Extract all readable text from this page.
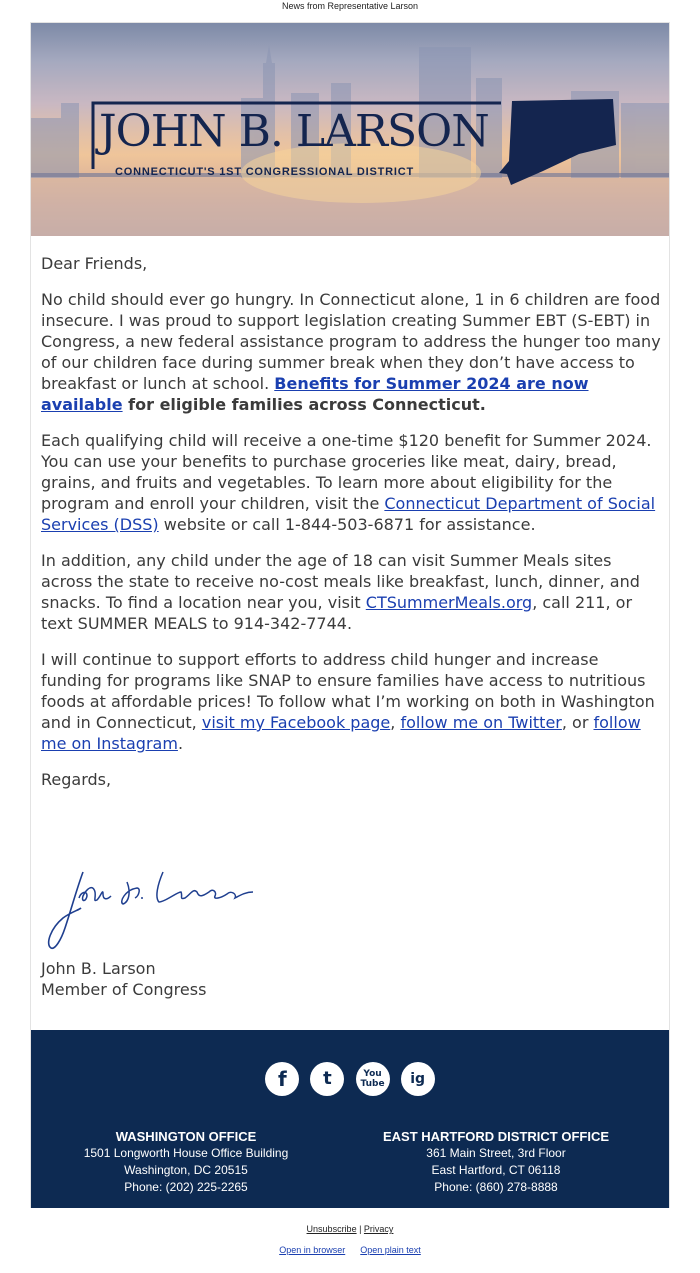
News from Representative Larson
JOHN B. LARSON
CONNECTICUT'S 1ST CONGRESSIONAL DISTRICT

Dear Friends,

No child should ever go hungry. In Connecticut alone, 1 in 6 children are food insecure. I was proud to support legislation creating Summer EBT (S-EBT) in Congress, a new federal assistance program to address the hunger too many of our children face during summer break when they don’t have access to breakfast or lunch at school. Benefits for Summer 2024 are now available for eligible families across Connecticut.

Each qualifying child will receive a one-time $120 benefit for Summer 2024. You can use your benefits to purchase groceries like meat, dairy, bread, grains, and fruits and vegetables. To learn more about eligibility for the program and enroll your children, visit the Connecticut Department of Social Services (DSS) website or call 1-844-503-6871 for assistance.

In addition, any child under the age of 18 can visit Summer Meals sites across the state to receive no-cost meals like breakfast, lunch, dinner, and snacks. To find a location near you, visit CTSummerMeals.org, call 211, or text SUMMER MEALS to 914-342-7744.

I will continue to support efforts to address child hunger and increase funding for programs like SNAP to ensure families have access to nutritious foods at affordable prices! To follow what I’m working on both in Washington and in Connecticut, visit my Facebook page, follow me on Twitter, or follow me on Instagram.

Regards,

John B. Larson
Member of Congress
f
	t
	You Tube
	ig
WASHINGTON OFFICE
1501 Longworth House Office Building
Washington, DC 20515
Phone: (202) 225-2265
EAST HARTFORD DISTRICT OFFICE
361 Main Street, 3rd Floor
East Hartford, CT 06118
Phone: (860) 278-8888
Unsubscribe | Privacy
Open in browser Open plain text
